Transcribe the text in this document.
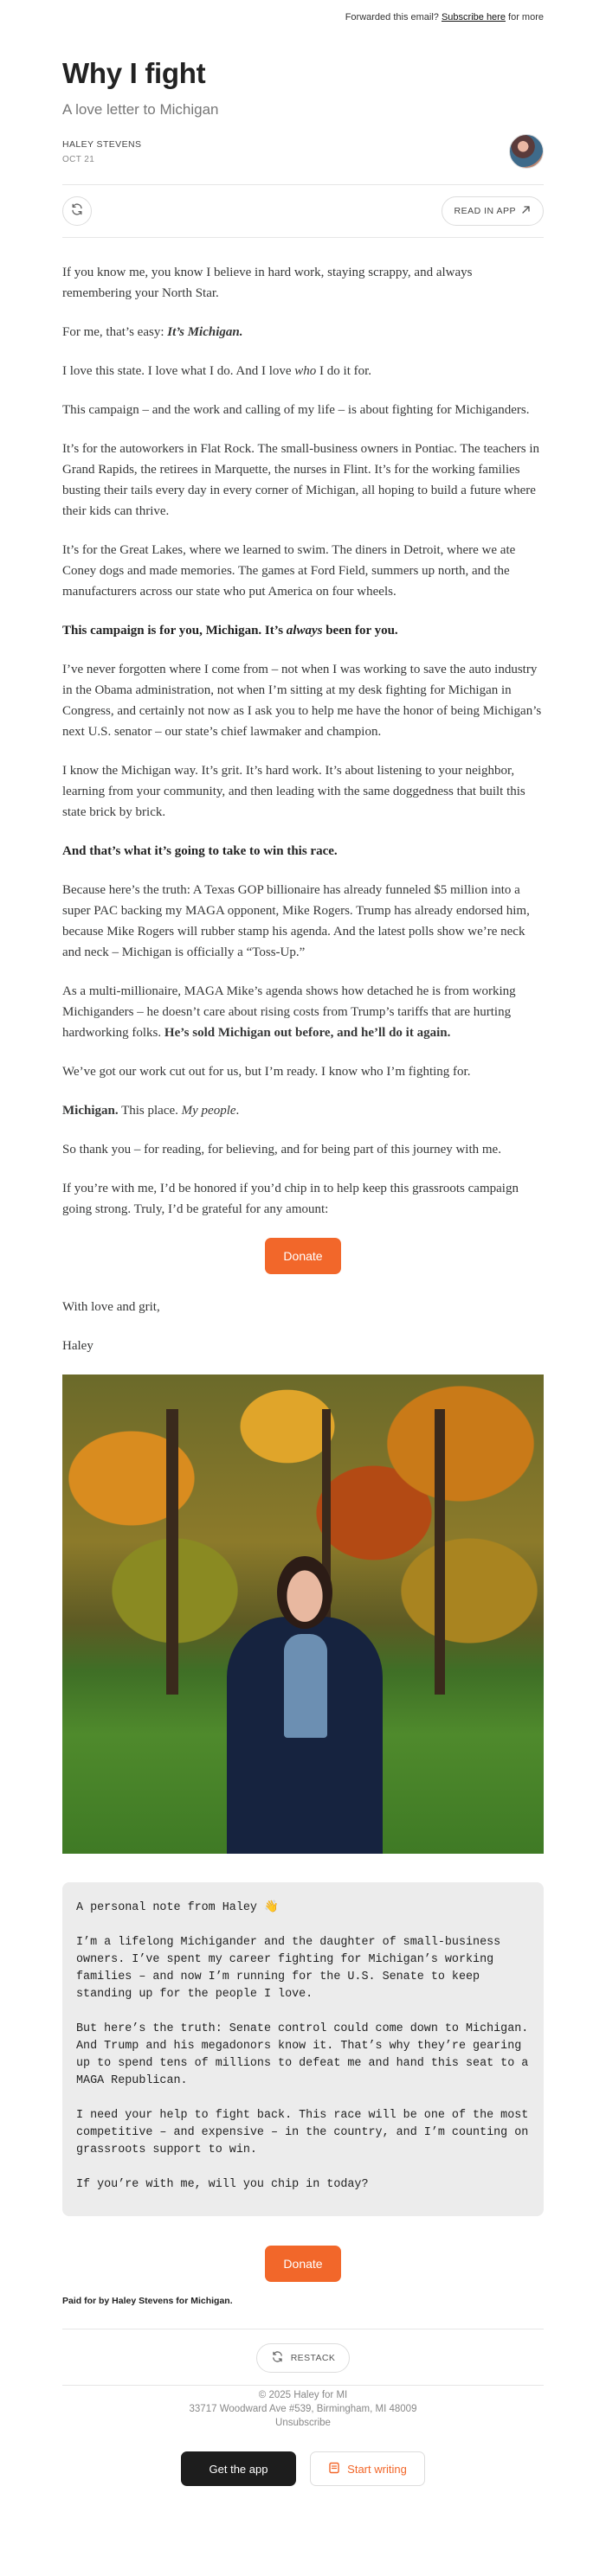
Forwarded this email? Subscribe here for more
Why I fight
A love letter to Michigan
HALEY STEVENS
OCT 21
READ IN APP

If you know me, you know I believe in hard work, staying scrappy, and always remembering your North Star.

For me, that’s easy: It’s Michigan.

I love this state. I love what I do. And I love who I do it for.

This campaign – and the work and calling of my life – is about fighting for Michiganders.

It’s for the autoworkers in Flat Rock. The small-business owners in Pontiac. The teachers in Grand Rapids, the retirees in Marquette, the nurses in Flint. It’s for the working families busting their tails every day in every corner of Michigan, all hoping to build a future where their kids can thrive.

It’s for the Great Lakes, where we learned to swim. The diners in Detroit, where we ate Coney dogs and made memories. The games at Ford Field, summers up north, and the manufacturers across our state who put America on four wheels.

This campaign is for you, Michigan. It’s always been for you.

I’ve never forgotten where I come from – not when I was working to save the auto industry in the Obama administration, not when I’m sitting at my desk fighting for Michigan in Congress, and certainly not now as I ask you to help me have the honor of being Michigan’s next U.S. senator – our state’s chief lawmaker and champion.

I know the Michigan way. It’s grit. It’s hard work. It’s about listening to your neighbor, learning from your community, and then leading with the same doggedness that built this state brick by brick.

And that’s what it’s going to take to win this race.

Because here’s the truth: A Texas GOP billionaire has already funneled $5 million into a super PAC backing my MAGA opponent, Mike Rogers. Trump has already endorsed him, because Mike Rogers will rubber stamp his agenda. And the latest polls show we’re neck and neck – Michigan is officially a “Toss-Up.”

As a multi-millionaire, MAGA Mike’s agenda shows how detached he is from working Michiganders – he doesn’t care about rising costs from Trump’s tariffs that are hurting hardworking folks. He’s sold Michigan out before, and he’ll do it again.

We’ve got our work cut out for us, but I’m ready. I know who I’m fighting for.

Michigan. This place. My people.

So thank you – for reading, for believing, and for being part of this journey with me.

If you’re with me, I’d be honored if you’d chip in to help keep this grassroots campaign going strong. Truly, I’d be grateful for any amount:

Donate

With love and grit,

Haley

A personal note from Haley 👋

I’m a lifelong Michigander and the daughter of small-business owners. I’ve spent my career fighting for Michigan’s working families – and now I’m running for the U.S. Senate to keep standing up for the people I love.

But here’s the truth: Senate control could come down to Michigan. And Trump and his megadonors know it. That’s why they’re gearing up to spend tens of millions to defeat me and hand this seat to a MAGA Republican.

I need your help to fight back. This race will be one of the most competitive – and expensive – in the country, and I’m counting on grassroots support to win.

If you’re with me, will you chip in today?

Donate
Paid for by Haley Stevens for Michigan.
RESTACK
© 2025 Haley for MI
33717 Woodward Ave #539, Birmingham, MI 48009
Unsubscribe
Get the app	Start writing
